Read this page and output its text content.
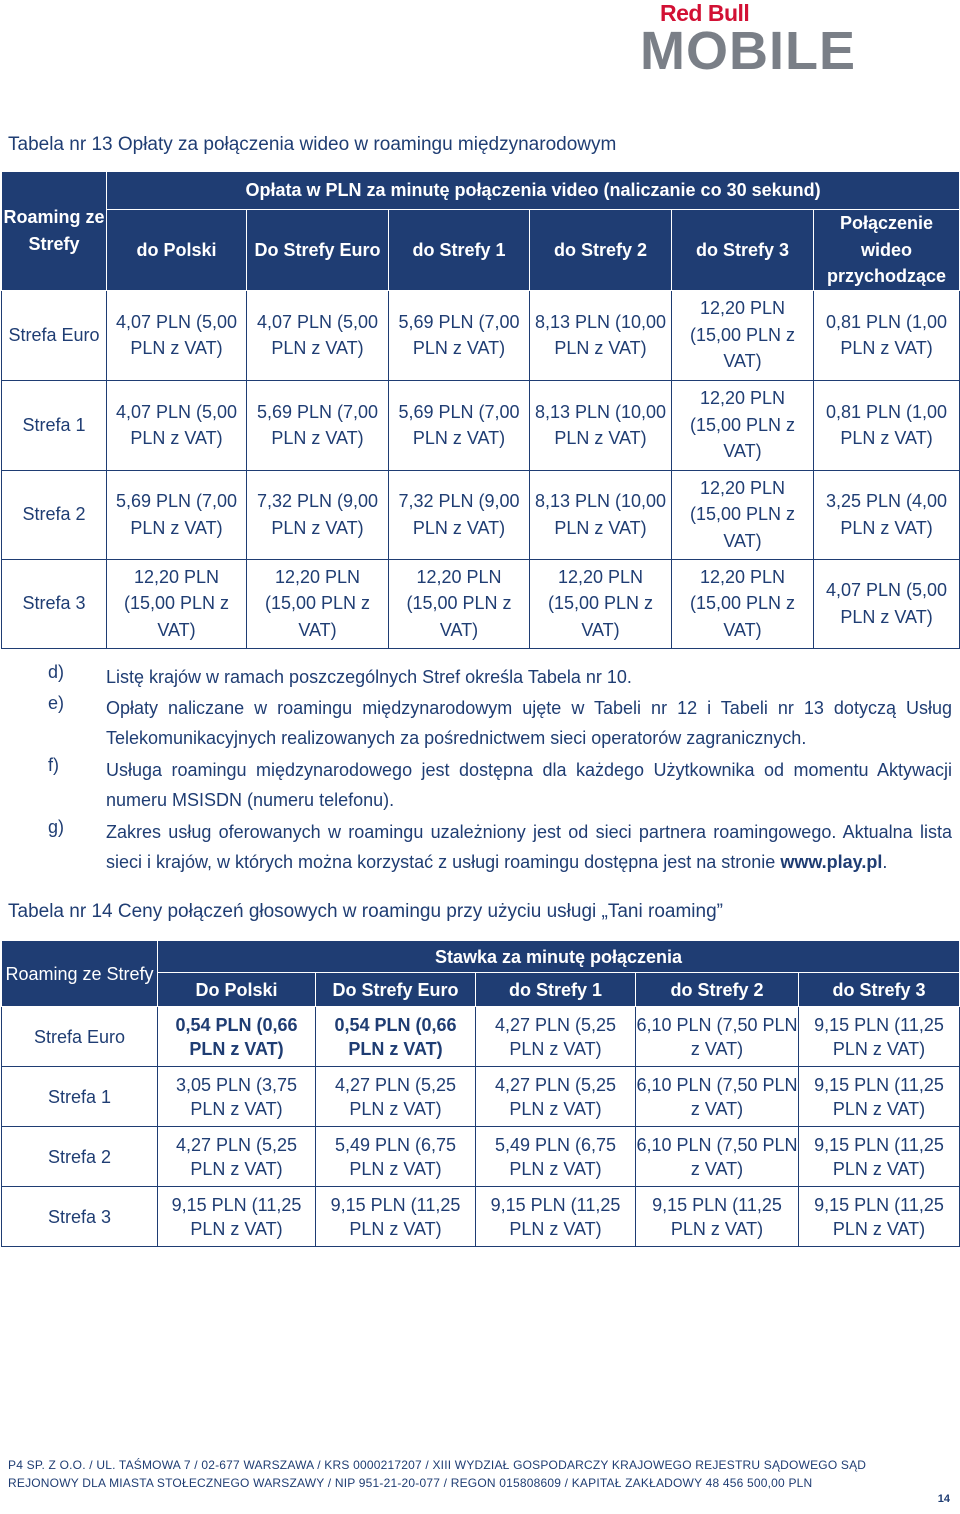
Red Bull
MOBILE
Tabela nr 13 Opłaty za połączenia wideo w roamingu międzynarodowym
Roaming ze Strefy	Opłata w PLN za minutę połączenia video (naliczanie co 30 sekund)					
	do Polski	Do Strefy Euro	do Strefy 1	do Strefy 2	do Strefy 3	Połączenie wideo przychodzące
Strefa Euro	4,07 PLN (5,00 PLN z VAT)	4,07 PLN (5,00 PLN z VAT)	5,69 PLN (7,00 PLN z VAT)	8,13 PLN (10,00 PLN z VAT)	12,20 PLN (15,00 PLN z VAT)	0,81 PLN (1,00 PLN z VAT)
Strefa 1	4,07 PLN (5,00 PLN z VAT)	5,69 PLN (7,00 PLN z VAT)	5,69 PLN (7,00 PLN z VAT)	8,13 PLN (10,00 PLN z VAT)	12,20 PLN (15,00 PLN z VAT)	0,81 PLN (1,00 PLN z VAT)
Strefa 2	5,69 PLN (7,00 PLN z VAT)	7,32 PLN (9,00 PLN z VAT)	7,32 PLN (9,00 PLN z VAT)	8,13 PLN (10,00 PLN z VAT)	12,20 PLN (15,00 PLN z VAT)	3,25 PLN (4,00 PLN z VAT)
Strefa 3	12,20 PLN (15,00 PLN z VAT)	12,20 PLN (15,00 PLN z VAT)	12,20 PLN (15,00 PLN z VAT)	12,20 PLN (15,00 PLN z VAT)	12,20 PLN (15,00 PLN z VAT)	4,07 PLN (5,00 PLN z VAT)
d) Listę krajów w ramach poszczególnych Stref określa Tabela nr 10.
e) Opłaty naliczane w roamingu międzynarodowym ujęte w Tabeli nr 12 i Tabeli nr 13 dotyczą Usług Telekomunikacyjnych realizowanych za pośrednictwem sieci operatorów zagranicznych.
f)	Usługa roamingu międzynarodowego jest dostępna dla każdego Użytkownika od momentu Aktywacji numeru MSISDN (numeru telefonu).
g) Zakres usług oferowanych w roamingu uzależniony jest od sieci partnera roamingowego. Aktualna lista sieci i krajów, w których można korzystać z usługi roamingu dostępna jest na stronie www.play.pl.
Tabela nr 14 Ceny połączeń głosowych w roamingu przy użyciu usługi „Tani roaming”
Roaming ze Strefy	Stawka za minutę połączenia				
	Do Polski	Do Strefy Euro	do Strefy 1	do Strefy 2	do Strefy 3
Strefa Euro	0,54 PLN (0,66 PLN z VAT)	0,54 PLN (0,66 PLN z VAT)	4,27 PLN (5,25 PLN z VAT)	6,10 PLN (7,50 PLN z VAT)	9,15 PLN (11,25 PLN z VAT)
Strefa 1	3,05 PLN (3,75 PLN z VAT)	4,27 PLN (5,25 PLN z VAT)	4,27 PLN (5,25 PLN z VAT)	6,10 PLN (7,50 PLN z VAT)	9,15 PLN (11,25 PLN z VAT)
Strefa 2	4,27 PLN (5,25 PLN z VAT)	5,49 PLN (6,75 PLN z VAT)	5,49 PLN (6,75 PLN z VAT)	6,10 PLN (7,50 PLN z VAT)	9,15 PLN (11,25 PLN z VAT)
Strefa 3	9,15 PLN (11,25 PLN z VAT)	9,15 PLN (11,25 PLN z VAT)	9,15 PLN (11,25 PLN z VAT)	9,15 PLN (11,25 PLN z VAT)	9,15 PLN (11,25 PLN z VAT)
P4 SP. Z O.O. / UL. TAŚMOWA 7 / 02-677 WARSZAWA / KRS 0000217207 / XIII WYDZIAŁ GOSPODARCZY KRAJOWEGO REJESTRU SĄDOWEGO SĄD
REJONOWY DLA MIASTA STOŁECZNEGO WARSZAWY / NIP 951-21-20-077 / REGON 015808609 / KAPITAŁ ZAKŁADOWY 48 456 500,00 PLN
14
